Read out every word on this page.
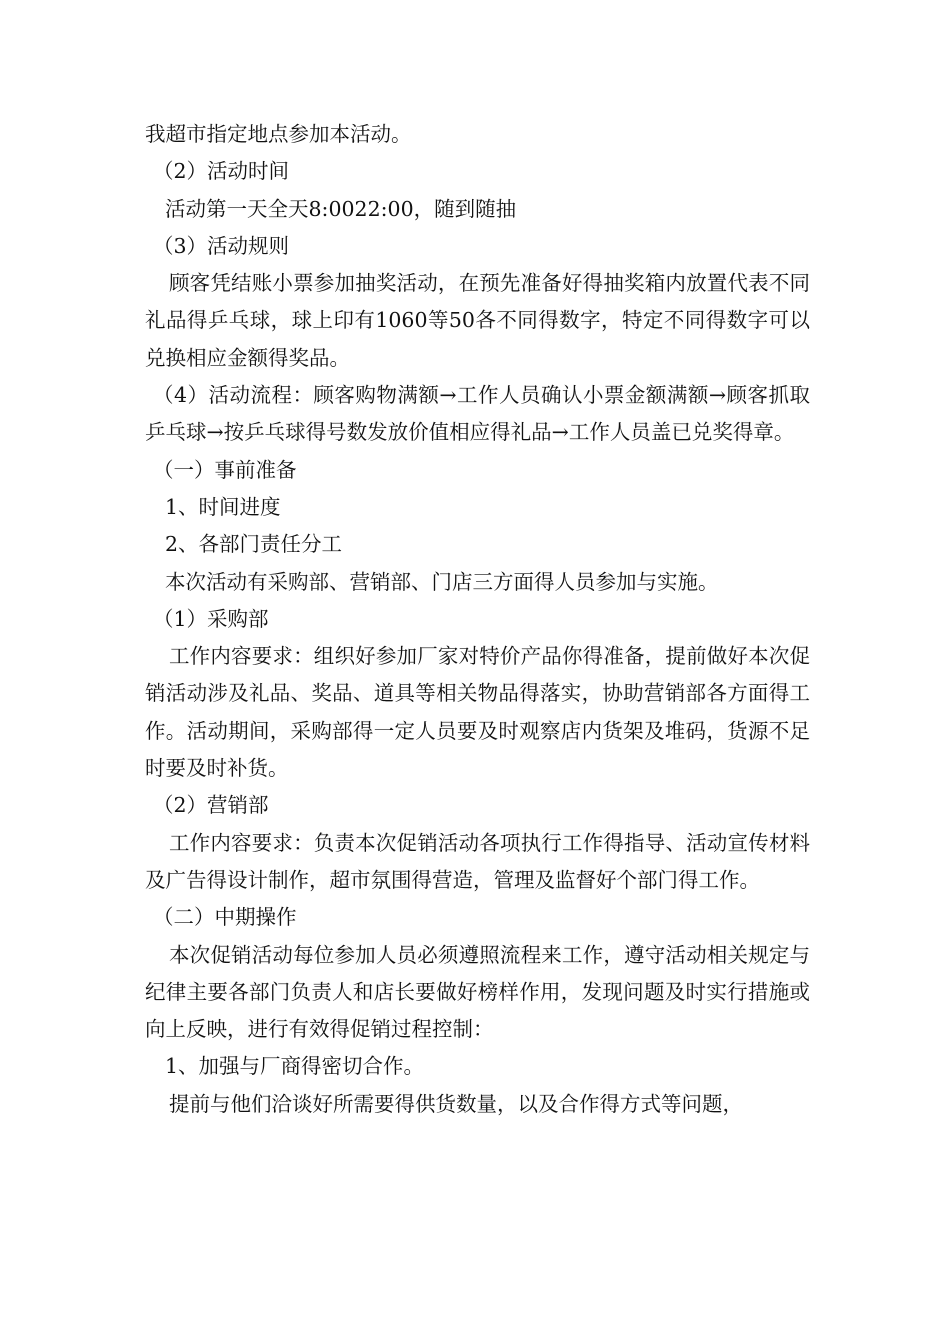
我超市指定地点参加本活动。

（2）活动时间

活动第一天全天8:0022:00，随到随抽

（3）活动规则

顾客凭结账小票参加抽奖活动，在预先准备好得抽奖箱内放置代表不同礼品得乒乓球，球上印有1060等50各不同得数字，特定不同得数字可以兑换相应金额得奖品。

（4）活动流程：顾客购物满额→工作人员确认小票金额满额→顾客抓取乒乓球→按乒乓球得号数发放价值相应得礼品→工作人员盖已兑奖得章。

（一）事前准备

1、时间进度

2、各部门责任分工

本次活动有采购部、营销部、门店三方面得人员参加与实施。

（1）采购部

工作内容要求：组织好参加厂家对特价产品你得准备，提前做好本次促销活动涉及礼品、奖品、道具等相关物品得落实，协助营销部各方面得工作。活动期间，采购部得一定人员要及时观察店内货架及堆码，货源不足时要及时补货。

（2）营销部

工作内容要求：负责本次促销活动各项执行工作得指导、活动宣传材料及广告得设计制作，超市氛围得营造，管理及监督好个部门得工作。

（二）中期操作

本次促销活动每位参加人员必须遵照流程来工作，遵守活动相关规定与纪律主要各部门负责人和店长要做好榜样作用，发现问题及时实行措施或向上反映，进行有效得促销过程控制：

1、加强与厂商得密切合作。

提前与他们洽谈好所需要得供货数量，以及合作得方式等问题，
